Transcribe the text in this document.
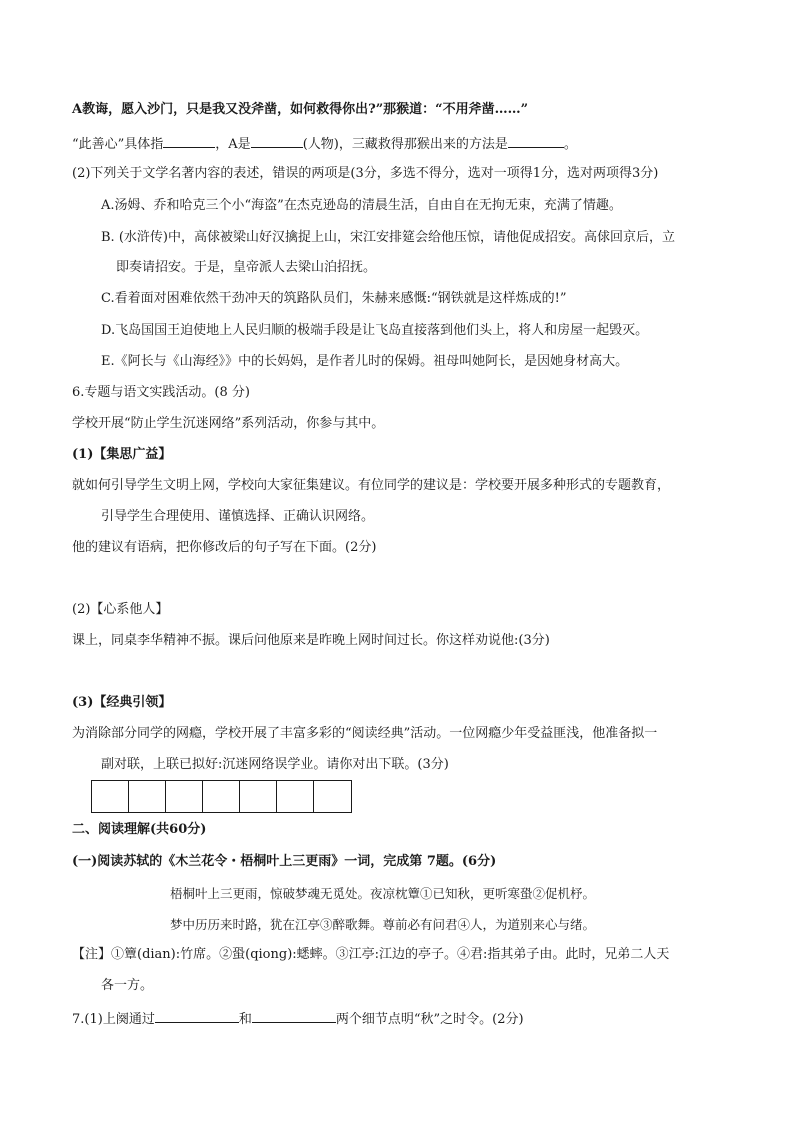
A教诲，愿入沙门，只是我又没斧凿，如何救得你出?”那猴道：“不用斧凿……”
“此善心”具体指	，A是	(人物)，三藏救得那猴出来的方法是	。
(2)下列关于文学名著内容的表述，错误的两项是(3分，多选不得分，选对一项得1分，选对两项得3分)
A.汤姆、乔和哈克三个小“海盗”在杰克逊岛的清晨生活，自由自在无拘无束，充满了情趣。
B. (水浒传)中，高俅被梁山好汉擒捉上山，宋江安排筵会给他压惊，请他促成招安。高俅回京后，立
即奏请招安。于是，皇帝派人去梁山泊招抚。
C.看着面对困难依然干劲冲天的筑路队员们，朱赫来感慨:“钢铁就是这样炼成的!”
D.飞岛国国王迫使地上人民归顺的极端手段是让飞岛直接落到他们头上，将人和房屋一起毁灭。
E.《阿长与《山海经》》中的长妈妈，是作者儿时的保姆。祖母叫她阿长，是因她身材高大。
6.专题与语文实践活动。(8 分)
学校开展“防止学生沉迷网络”系列活动，你参与其中。
(1)【集思广益】
就如何引导学生文明上网，学校向大家征集建议。有位同学的建议是：学校要开展多种形式的专题教育，
引导学生合理使用、谨慎选择、正确认识网络。
他的建议有语病，把你修改后的句子写在下面。(2分)
(2)【心系他人】
课上，同桌李华精神不振。课后问他原来是昨晚上网时间过长。你这样劝说他:(3分)
(3)【经典引领】
为消除部分同学的网瘾，学校开展了丰富多彩的“阅读经典”活动。一位网瘾少年受益匪浅，他准备拟一
副对联，上联已拟好:沉迷网络误学业。请你对出下联。(3分)
二、阅读理解(共60分)
(一)阅读苏轼的《木兰花令・梧桐叶上三更雨》一词，完成第 7题。(6分)
梧桐叶上三更雨，惊破梦魂无觅处。夜凉枕簟①已知秋，更听寒蛩②促机杼。
梦中历历来时路，犹在江亭③醉歌舞。尊前必有问君④人，为道别来心与绪。
【注】①簟(dian):竹席。②蛩(qiong):蟋蟀。③江亭:江边的亭子。④君:指其弟子由。此时，兄弟二人天
各一方。
7.(1)上阕通过	和	两个细节点明“秋”之时令。(2分)
